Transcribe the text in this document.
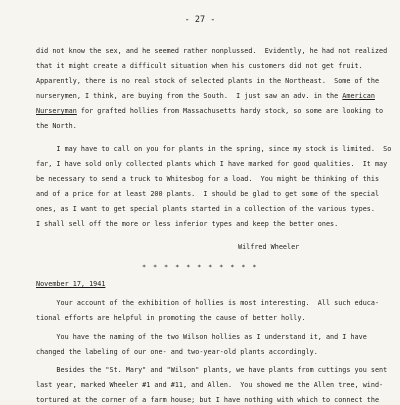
- 27 -
did not know the sex, and he seemed rather nonplussed.  Evidently, he had not realized
that it might create a difficult situation when his customers did not get fruit.
Apparently, there is no real stock of selected plants in the Northeast.  Some of the
nurserymen, I think, are buying from the South.  I just saw an adv. in the American
Nurseryman for grafted hollies from Massachusetts hardy stock, so some are looking to
the North.
I may have to call on you for plants in the spring, since my stock is limited.  So
far, I have sold only collected plants which I have marked for good qualities.  It may
be necessary to send a truck to Whitesbog for a load.  You might be thinking of this
and of a price for at least 200 plants.  I should be glad to get some of the special
ones, as I want to get special plants started in a collection of the various types.
I shall sell off the more or less inferior types and keep the better ones.
Wilfred Wheeler
* * * * * * * * * * *
November 17, 1941
Your account of the exhibition of hollies is most interesting.  All such educa-
tional efforts are helpful in promoting the cause of better holly.
You have the naming of the two Wilson hollies as I understand it, and I have
changed the labeling of our one- and two-year-old plants accordingly.
Besides the "St. Mary" and "Wilson" plants, we have plants from cuttings you sent
last year, marked Wheeler #1 and #11, and Allen.  You showed me the Allen tree, wind-
tortured at the corner of a farm house; but I have nothing with which to connect the
